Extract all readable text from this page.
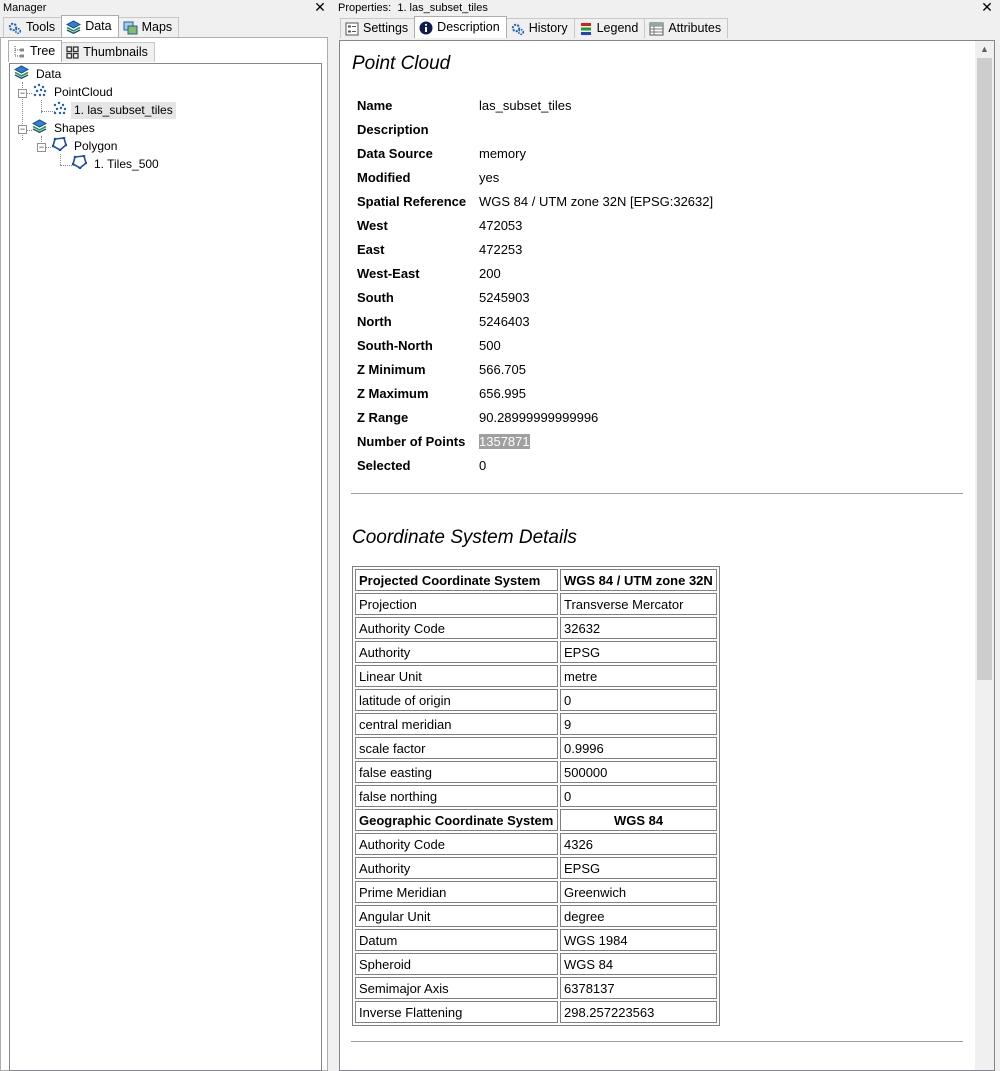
Manager	✕
Tools Data Maps
Tree Thumbnails
Data
− PointCloud
1. las_subset_tiles
Shapes
−
− Polygon
1. Tiles_500
Properties: 1. las_subset_tiles	✕
Settings Description History Legend Attributes
Point Cloud
Name	las_subset_tiles
Description	
Data Source	memory
Modified	yes
Spatial Reference	WGS 84 / UTM zone 32N [EPSG:32632]
West	472053
East	472253
West-East	200
South	5245903
North	5246403
South-North	500
Z Minimum	566.705
Z Maximum	656.995
Z Range	90.28999999999996
Number of Points	1357871
Selected	0
Coordinate System Details
Projected Coordinate System	WGS 84 / UTM zone 32N
Projection	Transverse Mercator
Authority Code	32632
Authority	EPSG
Linear Unit	metre
latitude of origin	0
central meridian	9
scale factor	0.9996
false easting	500000
false northing	0
Geographic Coordinate System	WGS 84
Authority Code	4326
Authority	EPSG
Prime Meridian	Greenwich
Angular Unit	degree
Datum	WGS 1984
Spheroid	WGS 84
Semimajor Axis	6378137
Inverse Flattening	298.257223563
▲
